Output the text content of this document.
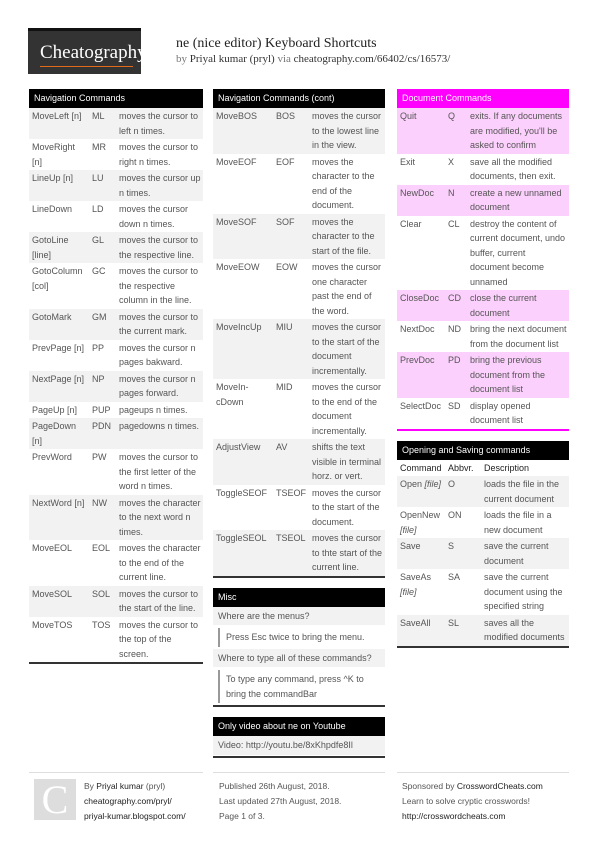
Cheatography ne (nice editor) Keyboard Shortcuts
by Priyal kumar (pryl) via cheatography.com/66402/cs/16573/
Navigation Commands
MoveLeft [n]	ML	moves the cursor to left n times.
MoveRight [n]	MR	moves the cursor to right n times.
LineUp [n]	LU	moves the cursor up n times.
LineDown	LD	moves the cursor down n times.
GotoLine [line]	GL	moves the cursor to the respective line.
GotoColumn [col]	GC	moves the cursor to the respective column in the line.
GotoMark	GM	moves the cursor to the current mark.
PrevPage [n]	PP	moves the cursor n pages bakward.
NextPage [n]	NP	moves the cursor n pages forward.
PageUp [n]	PUP	pageups n times.
PageDown [n]	PDN	pagedowns n times.
PrevWord	PW	moves the cursor to the first letter of the word n times.
NextWord [n]	NW	moves the character to the next word n times.
MoveEOL	EOL	moves the character to the end of the current line.
MoveSOL	SOL	moves the cursor to the start of the line.
MoveTOS	TOS	moves the cursor to the top of the screen.
Navigation Commands (cont)
MoveBOS	BOS	moves the cursor to the lowest line in the view.
MoveEOF	EOF	moves the character to the end of the document.
MoveSOF	SOF	moves the character to the start of the file.
MoveEOW	EOW	moves the cursor one character past the end of the word.
MoveIncUp	MIU	moves the cursor to the start of the document incrementally.
MoveIn-cDown	MID	moves the cursor to the end of the document incrementally.
AdjustView	AV	shifts the text visible in terminal horz. or vert.
ToggleSEOF	TSEOF	moves the cursor to the start of the document.
ToggleSEOL	TSEOL	moves the cursor to thte start of the current line.
Misc
Where are the menus?
Press Esc twice to bring the menu.
Where to type all of these commands?
To type any command, press ^K to bring the commandBar
Only video about ne on Youtube
Video: http://youtu.be/8xKhpdfe8Il
Document Commands
Quit	Q	exits. If any documents are modified, you'll be asked to confirm
Exit	X	save all the modified documents, then exit.
NewDoc	N	create a new unnamed document
Clear	CL	destroy the content of current document, undo buffer, current document become unnamed
CloseDoc	CD	close the current document
NextDoc	ND	bring the next document from the document list
PrevDoc	PD	bring the previous document from the document list
SelectDoc	SD	display opened document list
Opening and Saving commands
Command	Abbvr.	Description
Open [file]	O	loads the file in the current document
OpenNew [file]	ON	loads the file in a new document
Save	S	save the current document
SaveAs [file]	SA	save the current document using the specified string
SaveAll	SL	saves all the modified documents
C	By Priyal kumar (pryl)
cheatography.com/pryl/
priyal-kumar.blogspot.com/
Published 26th August, 2018.
Last updated 27th August, 2018.
Page 1 of 3.
Sponsored by CrosswordCheats.com
Learn to solve cryptic crosswords!
http://crosswordcheats.com
